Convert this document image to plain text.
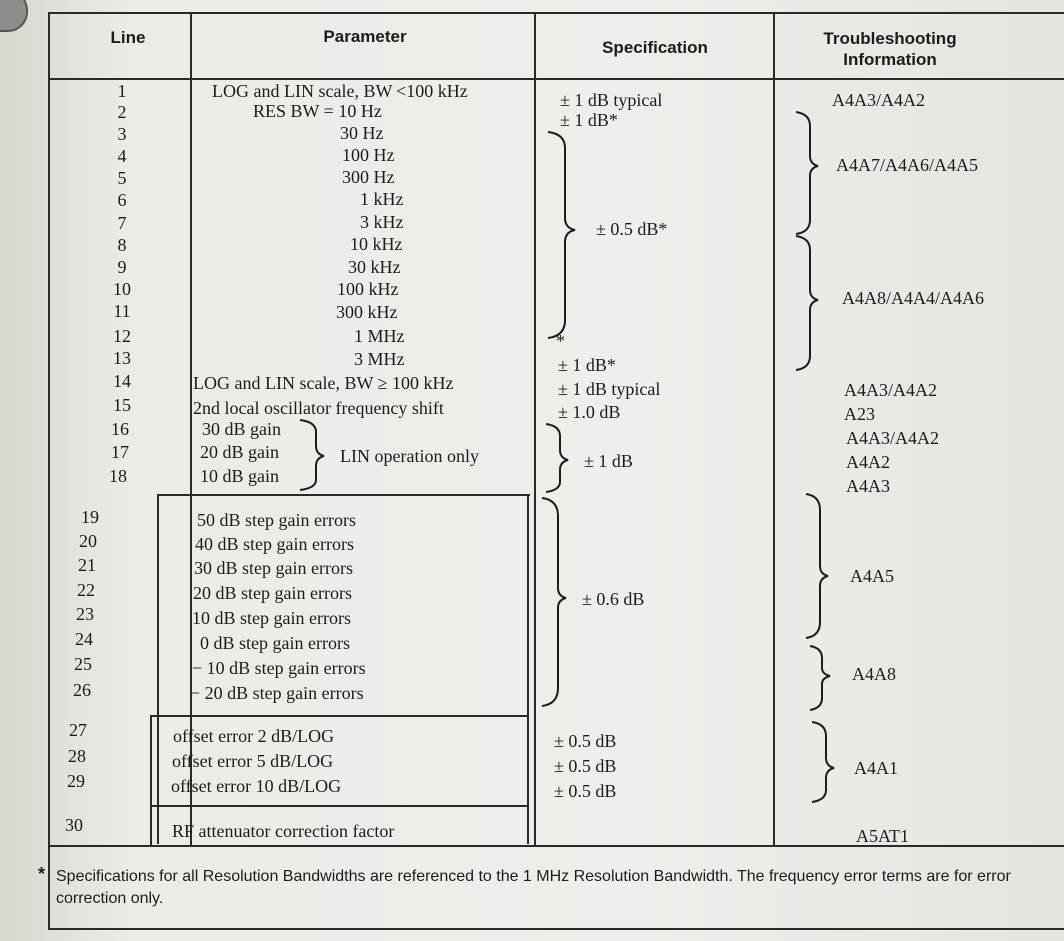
Line	Parameter
Specification	Troubleshooting
Information
1
2
3
4
5
6
7
8
9
10
11
12
13
14
15
16
17
18
19
20
21
22
23
24
25
26
27
28
29
30
LOG and LIN scale, BW <100 kHz
RES BW = 10 Hz
30 Hz
100 Hz
300 Hz
1 kHz
3 kHz
10 kHz
30 kHz
100 kHz
300 kHz
1 MHz
3 MHz
LOG and LIN scale, BW ≥ 100 kHz
2nd local oscillator frequency shift
30 dB gain
20 dB gain
10 dB gain
LIN operation only
50 dB step gain errors
40 dB step gain errors
30 dB step gain errors
20 dB step gain errors
10 dB step gain errors
0 dB step gain errors
− 10 dB step gain errors
− 20 dB step gain errors
offset error 2 dB/LOG
offset error 5 dB/LOG
offset error 10 dB/LOG
RF attenuator correction factor
± 1 dB typical
± 1 dB*
± 0.5 dB*
*
± 1 dB*
± 1 dB typical
± 1.0 dB
± 1 dB
± 0.6 dB
± 0.5 dB
± 0.5 dB
± 0.5 dB
A4A3/A4A2
A4A7/A4A6/A4A5
A4A8/A4A4/A4A6
A4A3/A4A2
A23
A4A3/A4A2
A4A2
A4A3
A4A5
A4A8
A4A1
A5AT1
* Specifications for all Resolution Bandwidths are referenced to the 1 MHz Resolution Bandwidth. The frequency error terms are for error correction only.
